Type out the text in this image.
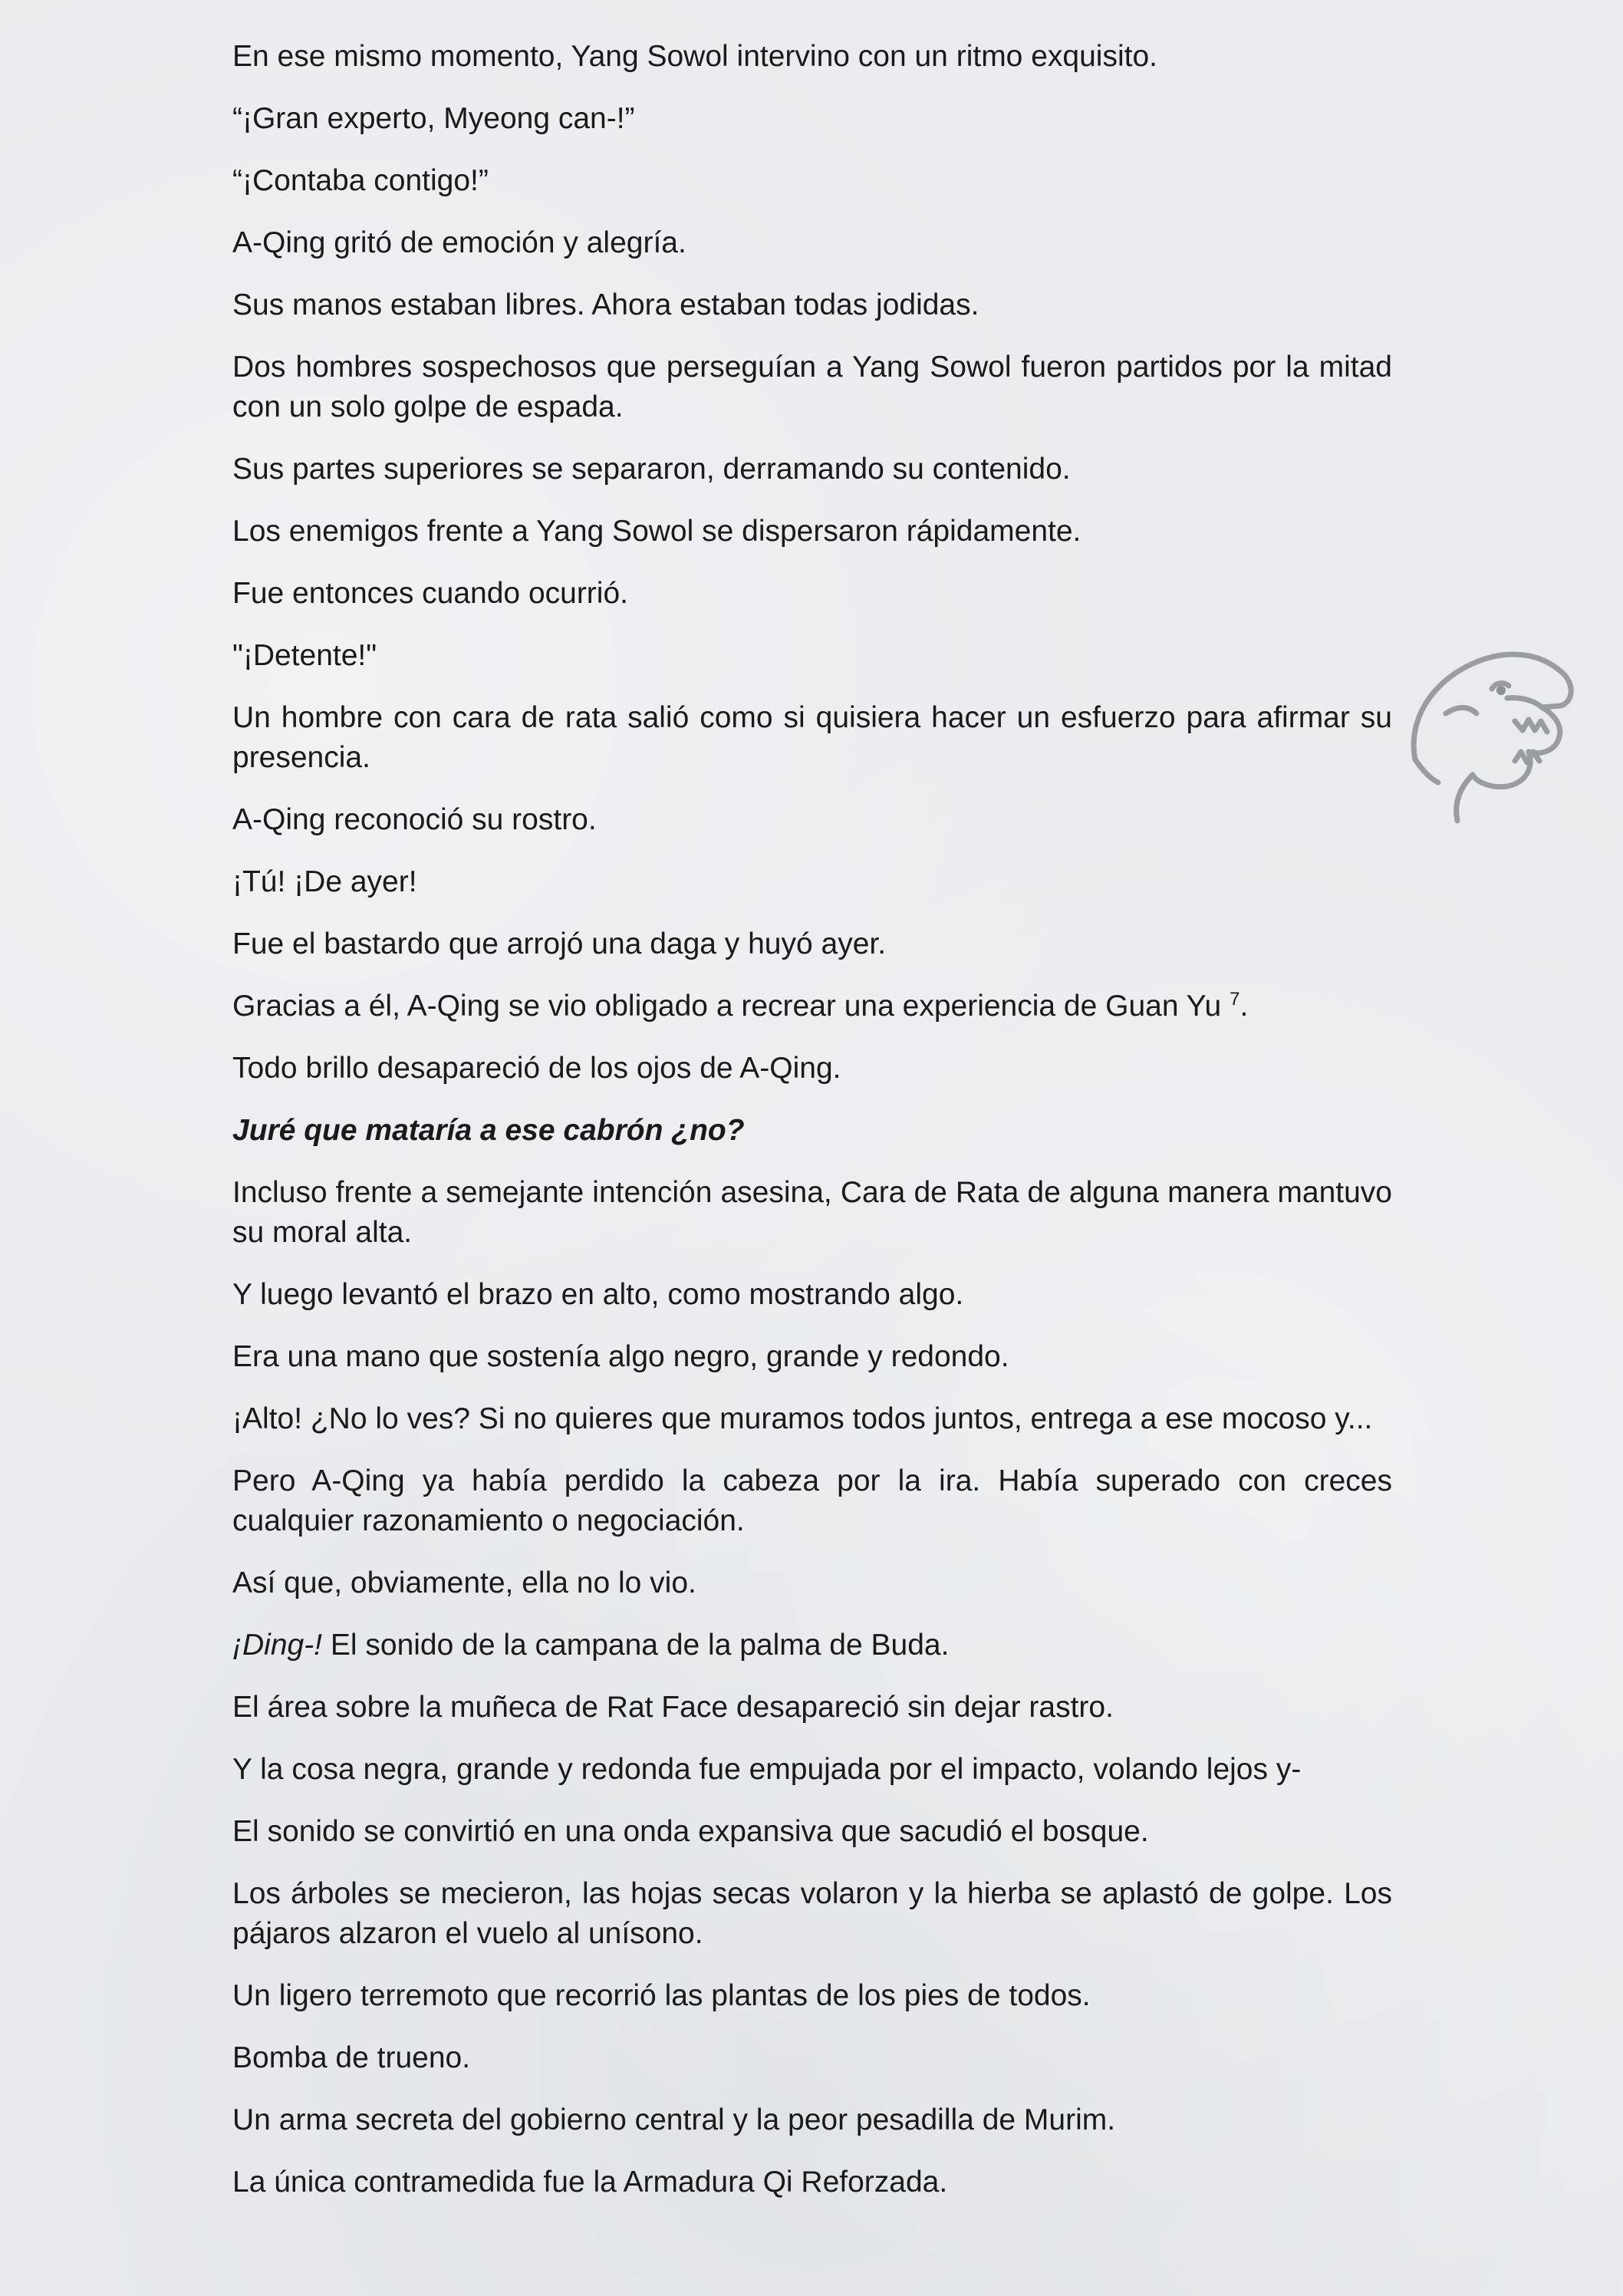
En ese mismo momento, Yang Sowol intervino con un ritmo exquisito.

“¡Gran experto, Myeong can-!”

“¡Contaba contigo!”

A-Qing gritó de emoción y alegría.

Sus manos estaban libres. Ahora estaban todas jodidas.

Dos hombres sospechosos que perseguían a Yang Sowol fueron partidos por la mitad con un solo golpe de espada.

Sus partes superiores se separaron, derramando su contenido.

Los enemigos frente a Yang Sowol se dispersaron rápidamente.

Fue entonces cuando ocurrió.

"¡Detente!"

Un hombre con cara de rata salió como si quisiera hacer un esfuerzo para afirmar su presencia.

A-Qing reconoció su rostro.

¡Tú! ¡De ayer!

Fue el bastardo que arrojó una daga y huyó ayer.

Gracias a él, A-Qing se vio obligado a recrear una experiencia de Guan Yu $^7$.

Todo brillo desapareció de los ojos de A-Qing.

Juré que mataría a ese cabrón ¿no?

Incluso frente a semejante intención asesina, Cara de Rata de alguna manera mantuvo su moral alta.

Y luego levantó el brazo en alto, como mostrando algo.

Era una mano que sostenía algo negro, grande y redondo.

¡Alto! ¿No lo ves? Si no quieres que muramos todos juntos, entrega a ese mocoso y...

Pero A-Qing ya había perdido la cabeza por la ira. Había superado con creces cualquier razonamiento o negociación.

Así que, obviamente, ella no lo vio.

¡Ding-! El sonido de la campana de la palma de Buda.

El área sobre la muñeca de Rat Face desapareció sin dejar rastro.

Y la cosa negra, grande y redonda fue empujada por el impacto, volando lejos y-

El sonido se convirtió en una onda expansiva que sacudió el bosque.

Los árboles se mecieron, las hojas secas volaron y la hierba se aplastó de golpe. Los pájaros alzaron el vuelo al unísono.

Un ligero terremoto que recorrió las plantas de los pies de todos.

Bomba de trueno.

Un arma secreta del gobierno central y la peor pesadilla de Murim.

La única contramedida fue la Armadura Qi Reforzada.
